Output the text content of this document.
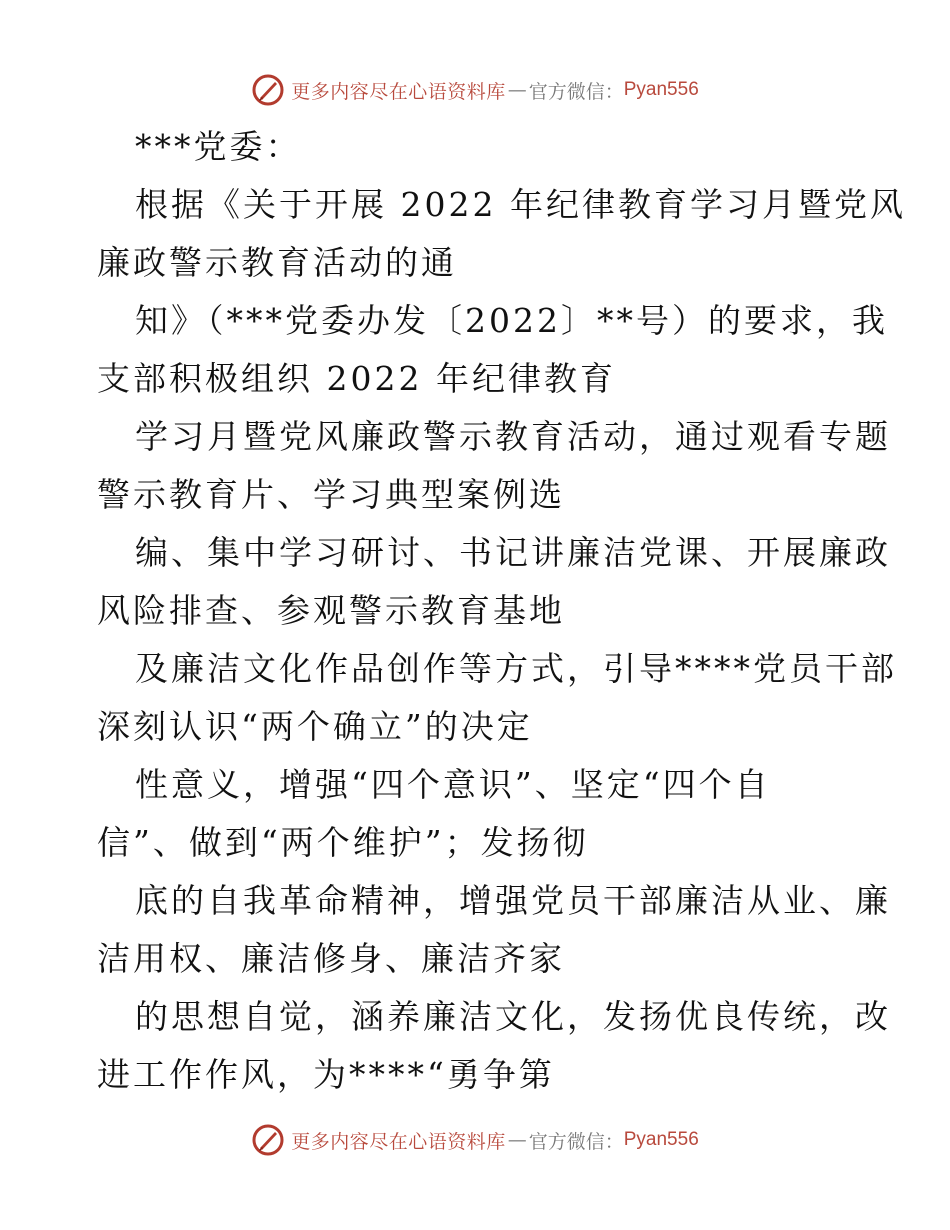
更多内容尽在心语资料库 — 官方微信： Pyan556
***党委：
根据《关于开展 2022 年纪律教育学习月暨党风
廉政警示教育活动的通
知》（***党委办发〔2022〕**号）的要求，我
支部积极组织 2022 年纪律教育
学习月暨党风廉政警示教育活动，通过观看专题
警示教育片、学习典型案例选
编、集中学习研讨、书记讲廉洁党课、开展廉政
风险排查、参观警示教育基地
及廉洁文化作品创作等方式，引导****党员干部
深刻认识“两个确立”的决定
性意义，增强“四个意识”、坚定“四个自
信”、做到“两个维护”；发扬彻
底的自我革命精神，增强党员干部廉洁从业、廉
洁用权、廉洁修身、廉洁齐家
的思想自觉，涵养廉洁文化，发扬优良传统，改
进工作作风，为****“勇争第
更多内容尽在心语资料库 — 官方微信： Pyan556
